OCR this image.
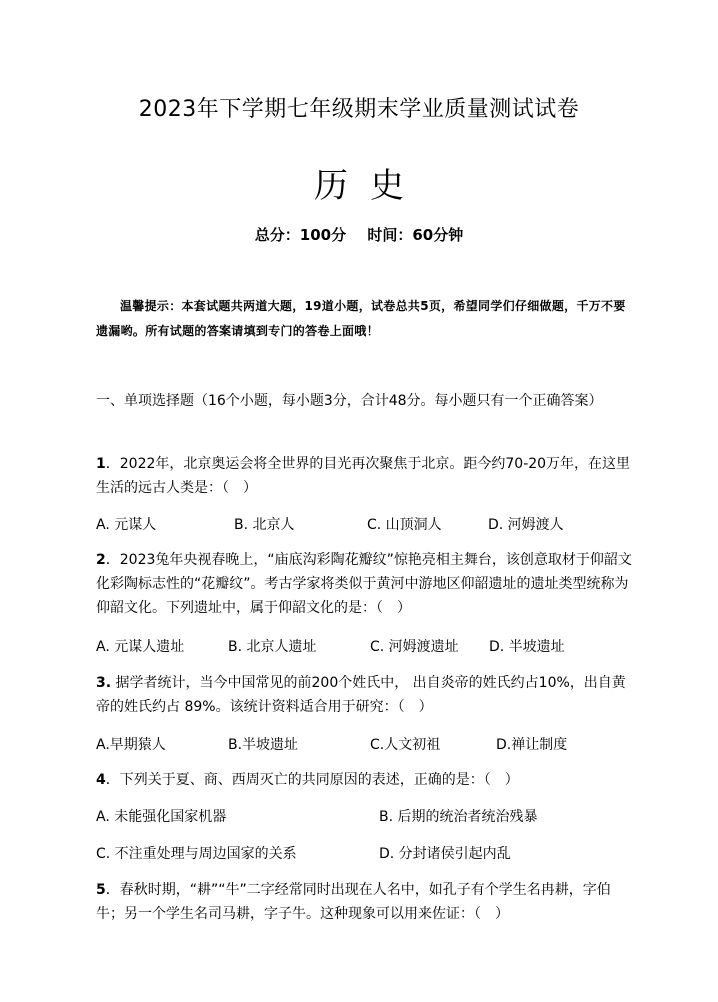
2023年下学期七年级期末学业质量测试试卷
历史
总分：100分 时间：60分钟
温馨提示：本套试题共两道大题，19道小题，试卷总共5页，希望同学们仔细做题，千万不要遗漏哟。所有试题的答案请填到专门的答卷上面哦！
一、单项选择题（16个小题，每小题3分，合计48分。每小题只有一个正确答案）
1．2022年，北京奥运会将全世界的目光再次聚焦于北京。距今约70-20万年，在这里生活的远古人类是：（　）
A. 元谋人	B. 北京人	C. 山顶洞人	D. 河姆渡人
2．2023兔年央视春晚上，“庙底沟彩陶花瓣纹”惊艳亮相主舞台，该创意取材于仰韶文化彩陶标志性的“花瓣纹”。考古学家将类似于黄河中游地区仰韶遗址的遗址类型统称为仰韶文化。下列遗址中，属于仰韶文化的是：（　）
A. 元谋人遗址	B. 北京人遗址	C. 河姆渡遗址 D. 半坡遗址
3. 据学者统计，当今中国常见的前200个姓氏中， 出自炎帝的姓氏约占10%，出自黄帝的姓氏约占 89%。该统计资料适合用于研究：（　）
A.早期猿人	B.半坡遗址	C.人文初祖	D.禅让制度
4．下列关于夏、商、西周灭亡的共同原因的表述，正确的是：（　）
A. 未能强化国家机器	B. 后期的统治者统治残暴
C. 不注重处理与周边国家的关系	D. 分封诸侯引起内乱
5．春秋时期，“耕”“牛”二字经常同时出现在人名中，如孔子有个学生名冉耕，字伯牛；另一个学生名司马耕，字子牛。这种现象可以用来佐证：（　）
